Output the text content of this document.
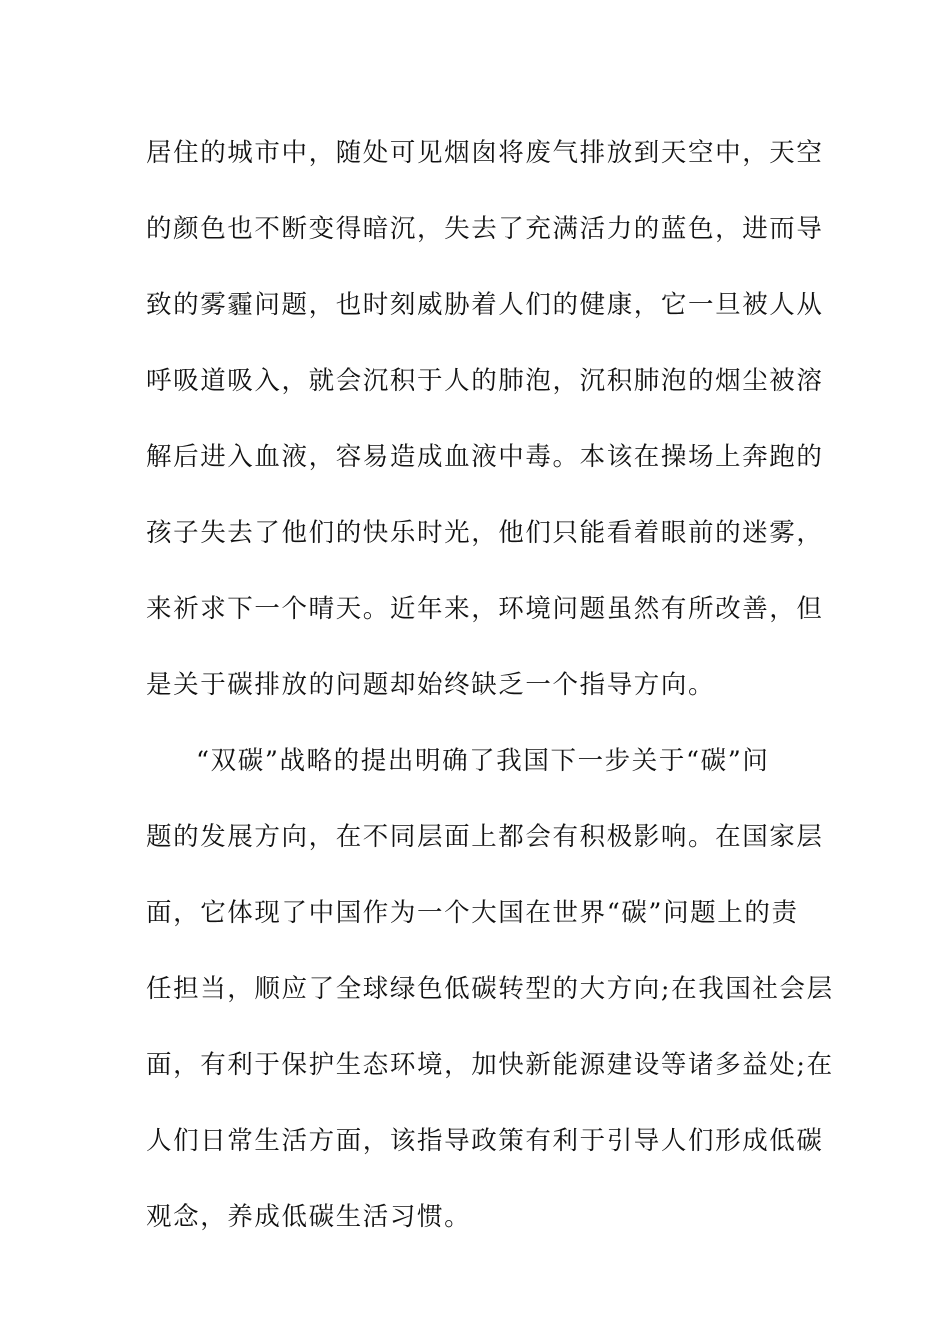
居住的城市中，随处可见烟囱将废气排放到天空中，天空
的颜色也不断变得暗沉，失去了充满活力的蓝色，进而导
致的雾霾问题，也时刻威胁着人们的健康，它一旦被人从
呼吸道吸入，就会沉积于人的肺泡，沉积肺泡的烟尘被溶
解后进入血液，容易造成血液中毒。本该在操场上奔跑的
孩子失去了他们的快乐时光，他们只能看着眼前的迷雾，
来祈求下一个晴天。近年来，环境问题虽然有所改善，但
是关于碳排放的问题却始终缺乏一个指导方向。
“双碳”战略的提出明确了我国下一步关于“碳”问
题的发展方向，在不同层面上都会有积极影响。在国家层
面，它体现了中国作为一个大国在世界“碳”问题上的责
任担当，顺应了全球绿色低碳转型的大方向;在我国社会层
面，有利于保护生态环境，加快新能源建设等诸多益处;在
人们日常生活方面，该指导政策有利于引导人们形成低碳
观念，养成低碳生活习惯。
